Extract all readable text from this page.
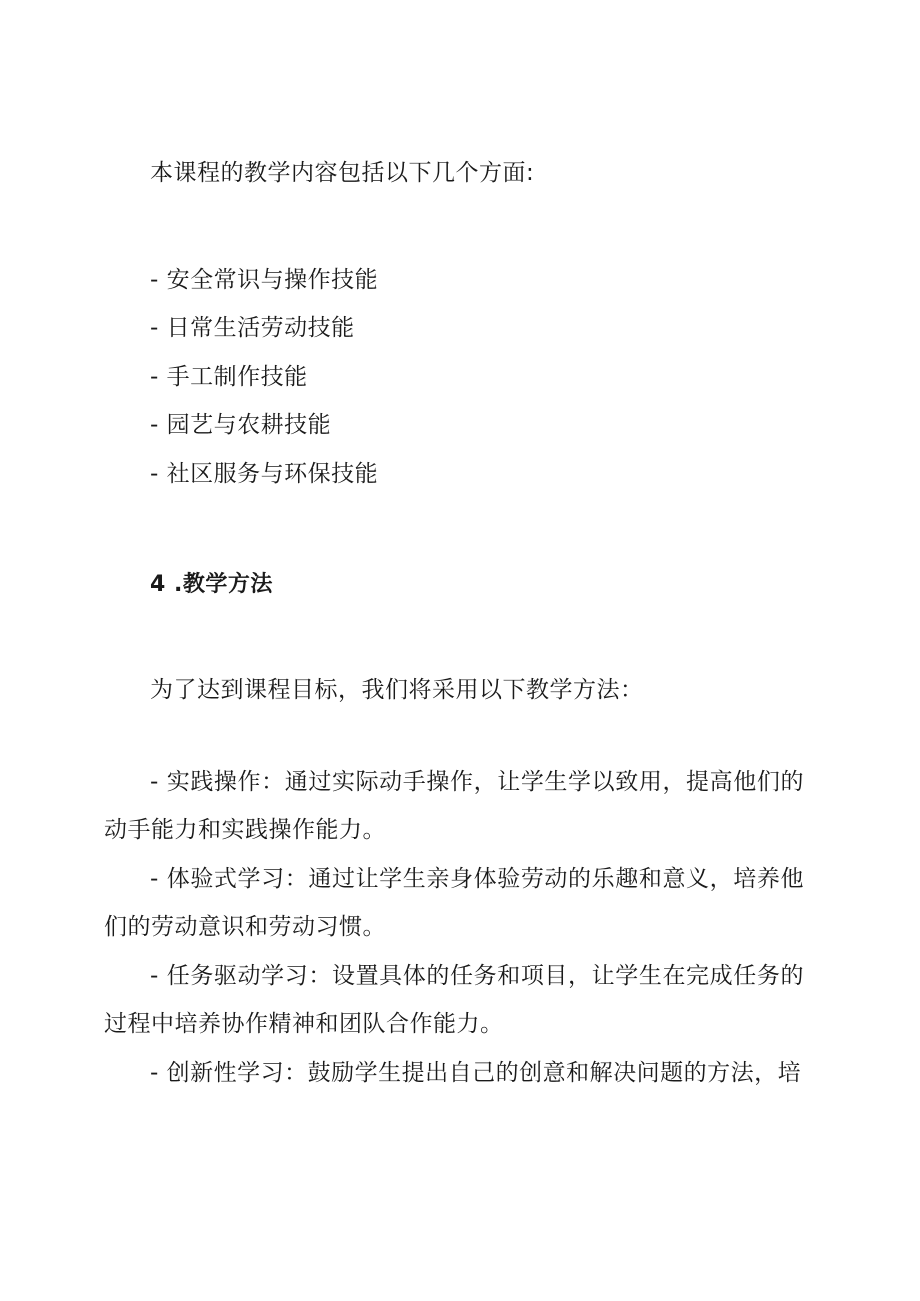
本课程的教学内容包括以下几个方面:
- 安全常识与操作技能
- 日常生活劳动技能
- 手工制作技能
- 园艺与农耕技能
- 社区服务与环保技能
4 .教学方法
为了达到课程目标，我们将采用以下教学方法：

- 实践操作：通过实际动手操作，让学生学以致用，提高他们的动手能力和实践操作能力。

- 体验式学习：通过让学生亲身体验劳动的乐趣和意义，培养他们的劳动意识和劳动习惯。

- 任务驱动学习：设置具体的任务和项目，让学生在完成任务的过程中培养协作精神和团队合作能力。

- 创新性学习：鼓励学生提出自己的创意和解决问题的方法，培
